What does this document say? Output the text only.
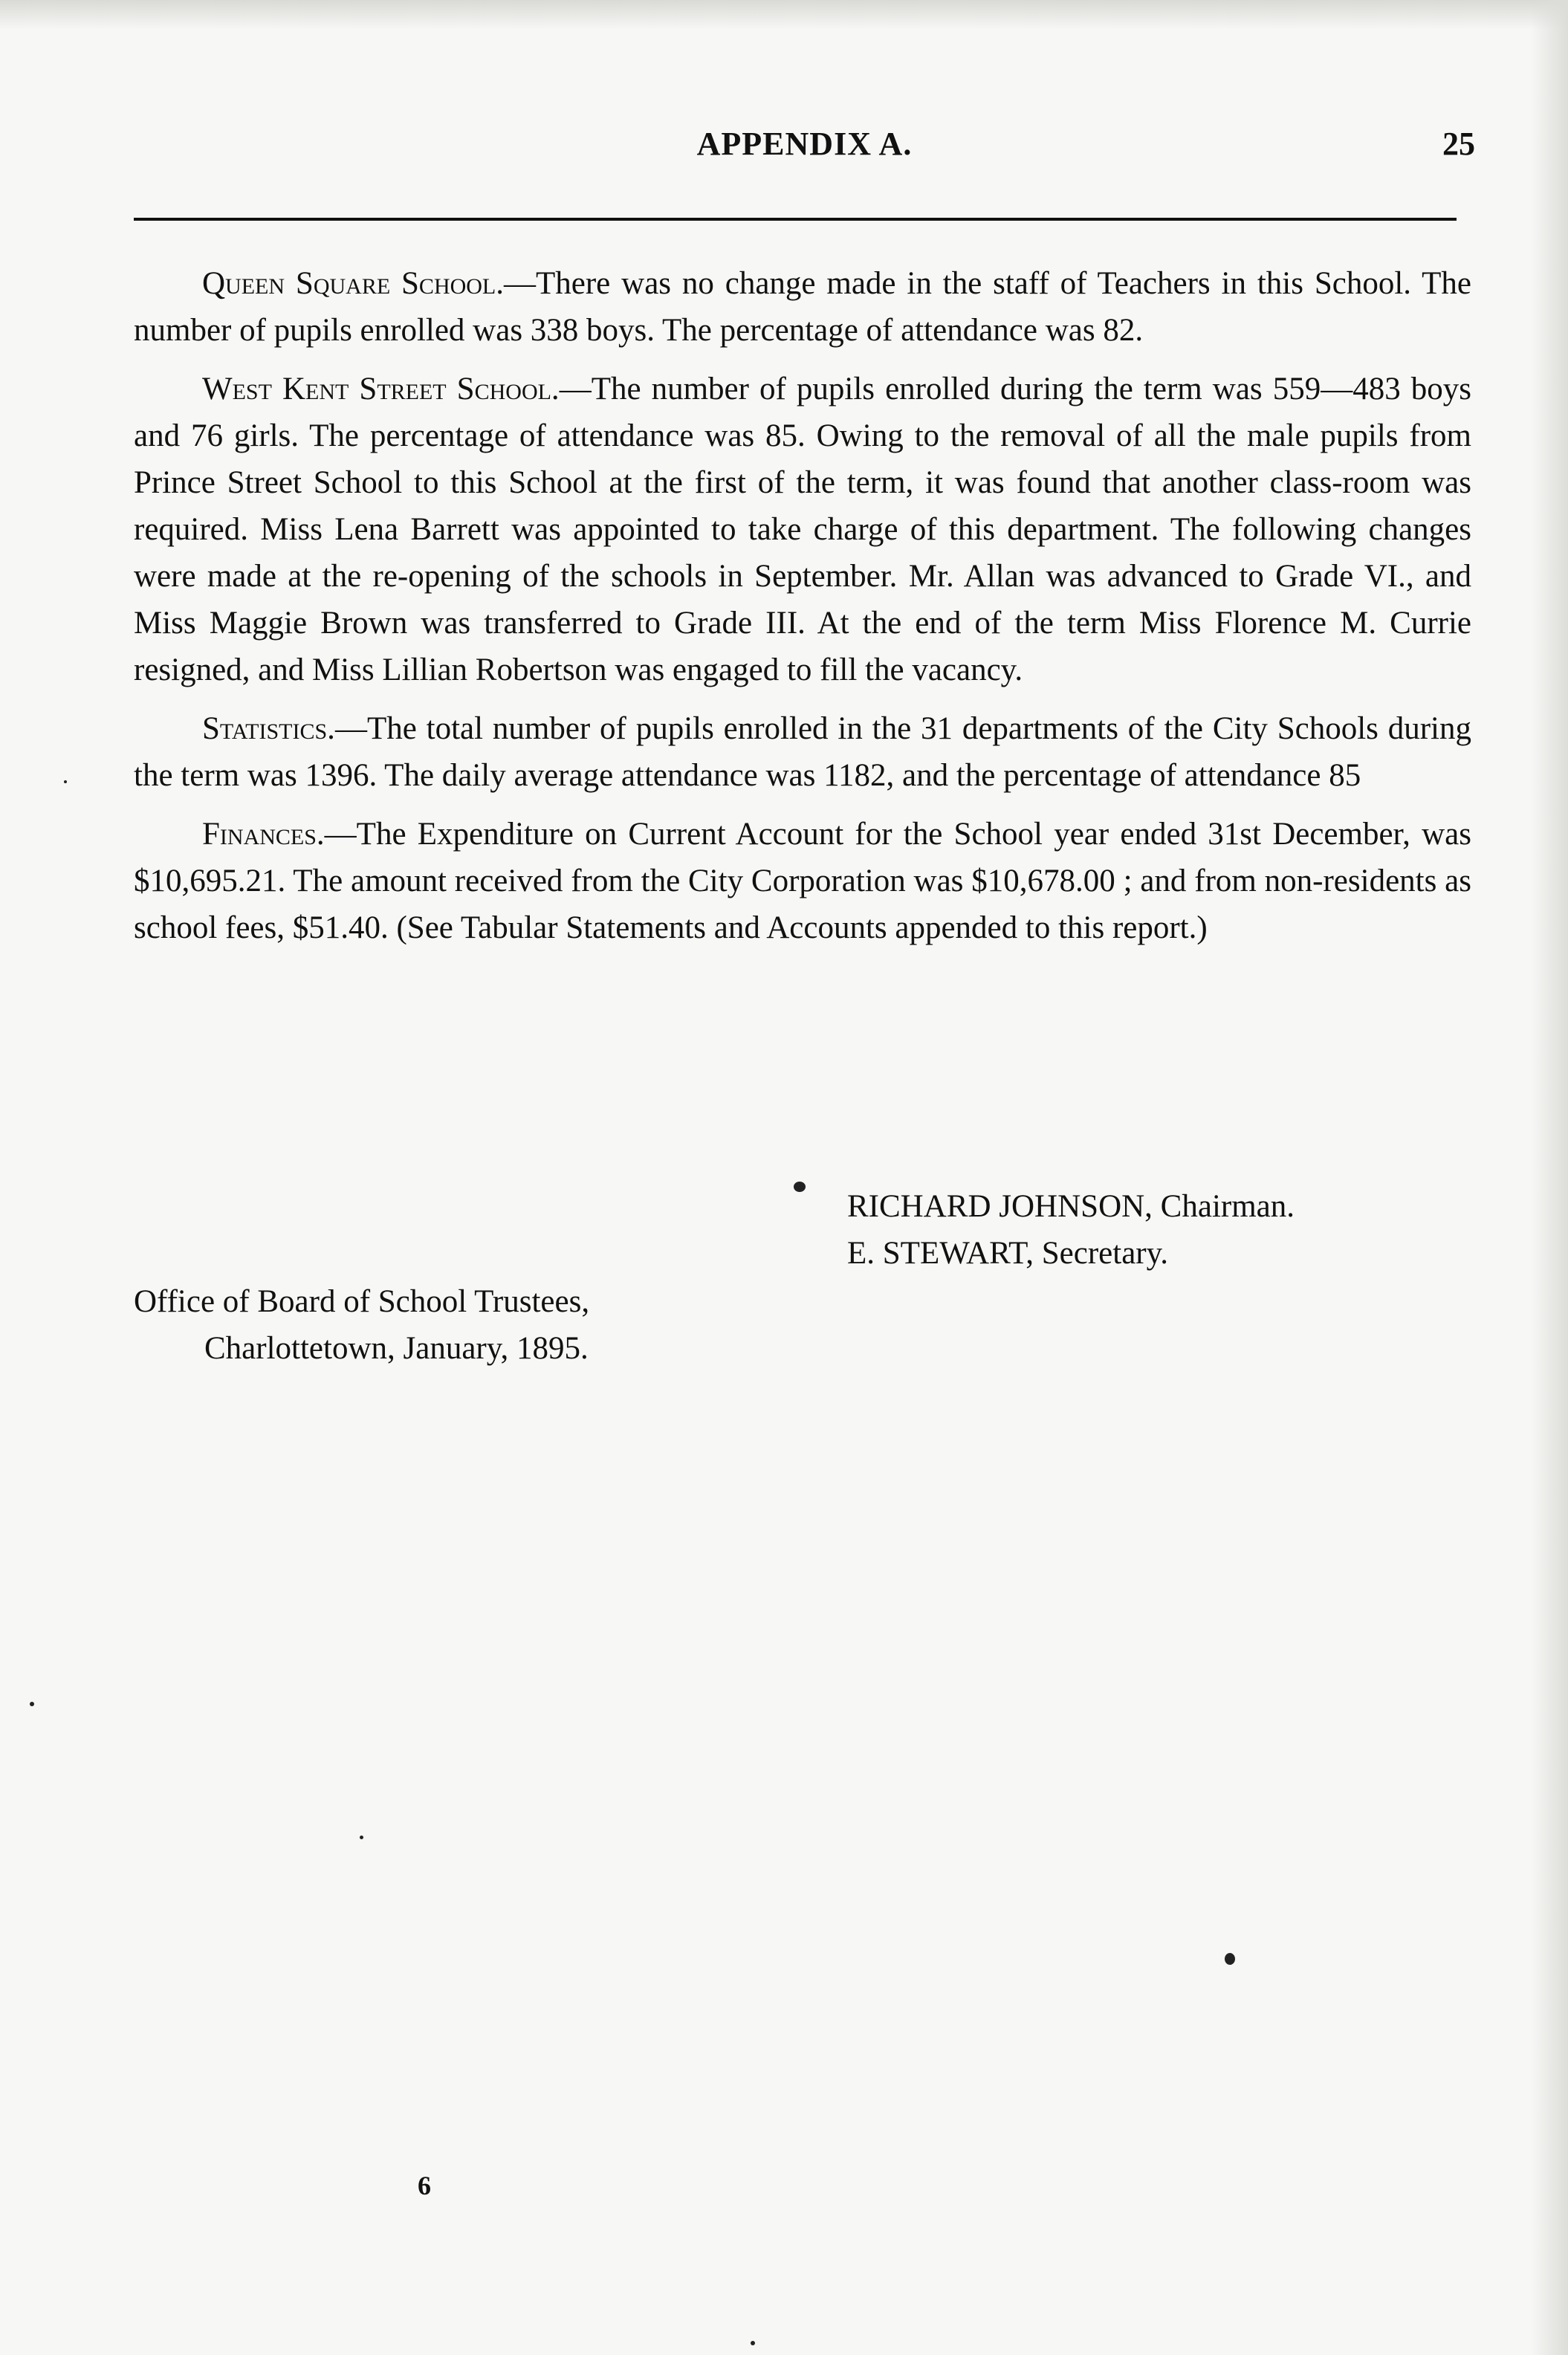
APPENDIX A.	25

Queen Square School.—There was no change made in the staff of Teachers in this School. The number of pupils enrolled was 338 boys. The percentage of attendance was 82.

West Kent Street School.—The number of pupils enrolled during the term was 559—483 boys and 76 girls. The percentage of attendance was 85. Owing to the removal of all the male pupils from Prince Street School to this School at the first of the term, it was found that another class-room was required. Miss Lena Barrett was appointed to take charge of this department. The following changes were made at the re-opening of the schools in September. Mr. Allan was advanced to Grade VI., and Miss Maggie Brown was transferred to Grade III. At the end of the term Miss Florence M. Currie resigned, and Miss Lillian Robertson was engaged to fill the vacancy.

Statistics.—The total number of pupils enrolled in the 31 departments of the City Schools during the term was 1396. The daily average attendance was 1182, and the percentage of attendance 85

Finances.—The Expenditure on Current Account for the School year ended 31st December, was $10,695.21. The amount received from the City Corporation was $10,678.00 ; and from non-residents as school fees, $51.40. (See Tabular Statements and Accounts appended to this report.)

RICHARD JOHNSON, Chairman.
E. STEWART, Secretary.
Office of Board of School Trustees,
Charlottetown, January, 1895.
6
